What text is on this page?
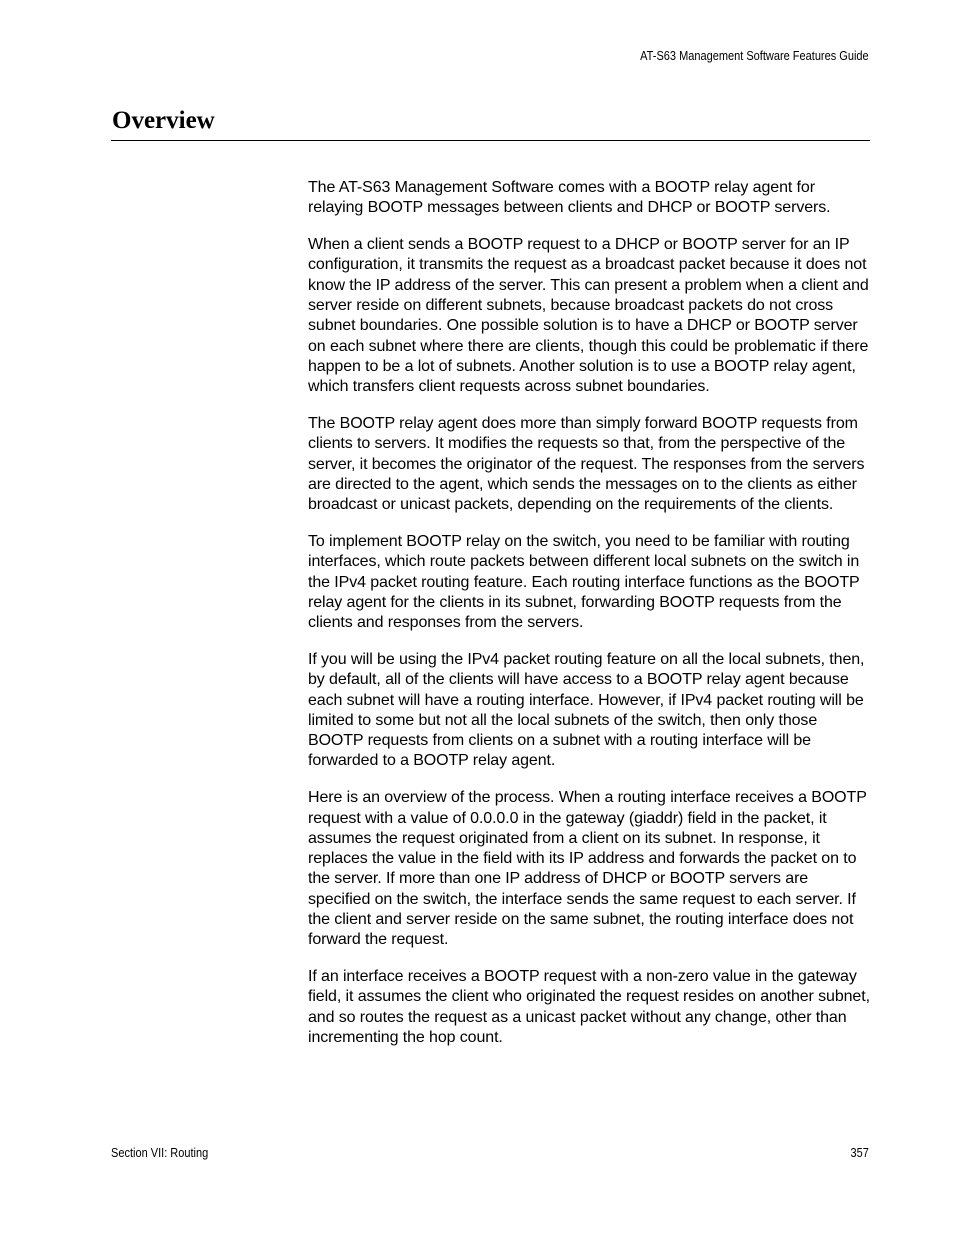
AT-S63 Management Software Features Guide
Overview

The AT-S63 Management Software comes with a BOOTP relay agent for relaying BOOTP messages between clients and DHCP or BOOTP servers.

When a client sends a BOOTP request to a DHCP or BOOTP server for an IP configuration, it transmits the request as a broadcast packet because it does not know the IP address of the server. This can present a problem when a client and server reside on different subnets, because broadcast packets do not cross subnet boundaries. One possible solution is to have a DHCP or BOOTP server on each subnet where there are clients, though this could be problematic if there happen to be a lot of subnets. Another solution is to use a BOOTP relay agent, which transfers client requests across subnet boundaries.

The BOOTP relay agent does more than simply forward BOOTP requests from clients to servers. It modifies the requests so that, from the perspective of the server, it becomes the originator of the request. The responses from the servers are directed to the agent, which sends the messages on to the clients as either broadcast or unicast packets, depending on the requirements of the clients.

To implement BOOTP relay on the switch, you need to be familiar with routing interfaces, which route packets between different local subnets on the switch in the IPv4 packet routing feature. Each routing interface functions as the BOOTP relay agent for the clients in its subnet, forwarding BOOTP requests from the clients and responses from the servers.

If you will be using the IPv4 packet routing feature on all the local subnets, then, by default, all of the clients will have access to a BOOTP relay agent because each subnet will have a routing interface. However, if IPv4 packet routing will be limited to some but not all the local subnets of the switch, then only those BOOTP requests from clients on a subnet with a routing interface will be forwarded to a BOOTP relay agent.

Here is an overview of the process. When a routing interface receives a BOOTP request with a value of 0.0.0.0 in the gateway (giaddr) field in the packet, it assumes the request originated from a client on its subnet. In response, it replaces the value in the field with its IP address and forwards the packet on to the server. If more than one IP address of DHCP or BOOTP servers are specified on the switch, the interface sends the same request to each server. If the client and server reside on the same subnet, the routing interface does not forward the request.

If an interface receives a BOOTP request with a non-zero value in the gateway field, it assumes the client who originated the request resides on another subnet, and so routes the request as a unicast packet without any change, other than incrementing the hop count.

Section VII: Routing	357
